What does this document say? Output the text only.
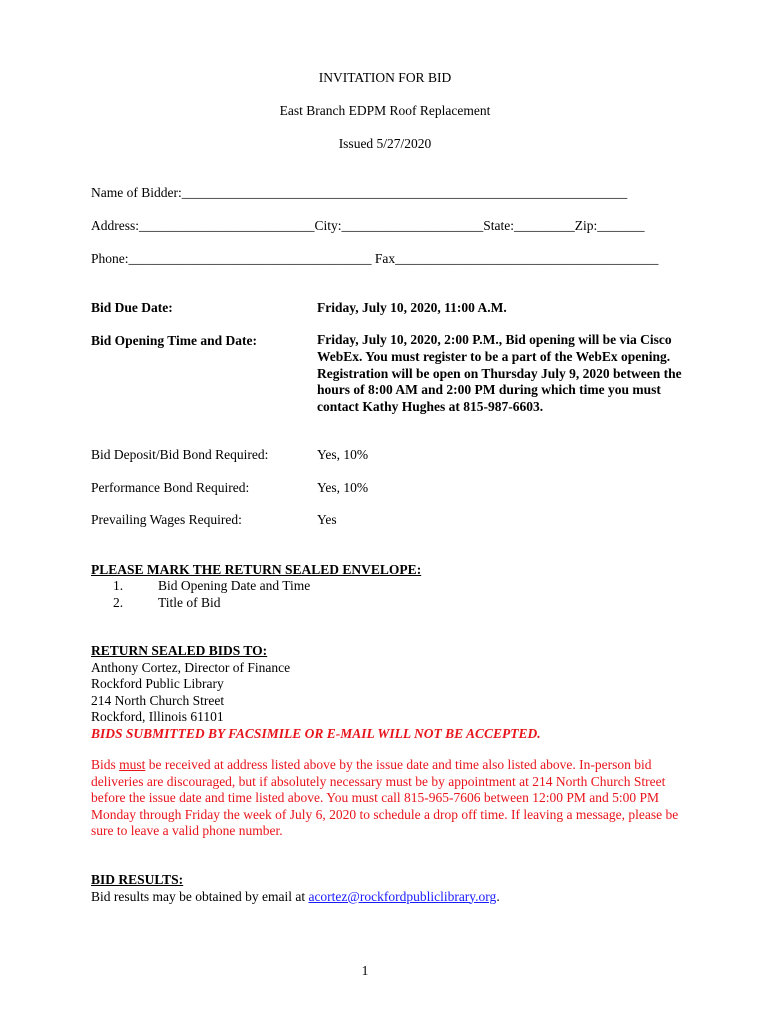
INVITATION FOR BID
East Branch EDPM Roof Replacement
Issued 5/27/2020
Name of Bidder:__________________________________________________________________
Address:__________________________City:_____________________State:_________Zip:_______
Phone:____________________________________ Fax_______________________________________
Bid Due Date:	Friday, July 10, 2020, 11:00 A.M.
Bid Opening Time and Date:	Friday, July 10, 2020, 2:00 P.M., Bid opening will be via Cisco WebEx. You must register to be a part of the WebEx opening. Registration will be open on Thursday July 9, 2020 between the hours of 8:00 AM and 2:00 PM during which time you must contact Kathy Hughes at 815-987-6603.
Bid Deposit/Bid Bond Required:	Yes, 10%
Performance Bond Required:	Yes, 10%
Prevailing Wages Required:	Yes
PLEASE MARK THE RETURN SEALED ENVELOPE:
1.	Bid Opening Date and Time
2.	Title of Bid
RETURN SEALED BIDS TO:
Anthony Cortez, Director of Finance
Rockford Public Library
214 North Church Street
Rockford, Illinois 61101
BIDS SUBMITTED BY FACSIMILE OR E-MAIL WILL NOT BE ACCEPTED.
Bids must be received at address listed above by the issue date and time also listed above. In-person bid deliveries are discouraged, but if absolutely necessary must be by appointment at 214 North Church Street before the issue date and time listed above. You must call 815-965-7606 between 12:00 PM and 5:00 PM Monday through Friday the week of July 6, 2020 to schedule a drop off time. If leaving a message, please be sure to leave a valid phone number.
BID RESULTS:
Bid results may be obtained by email at acortez@rockfordpubliclibrary.org.
1
